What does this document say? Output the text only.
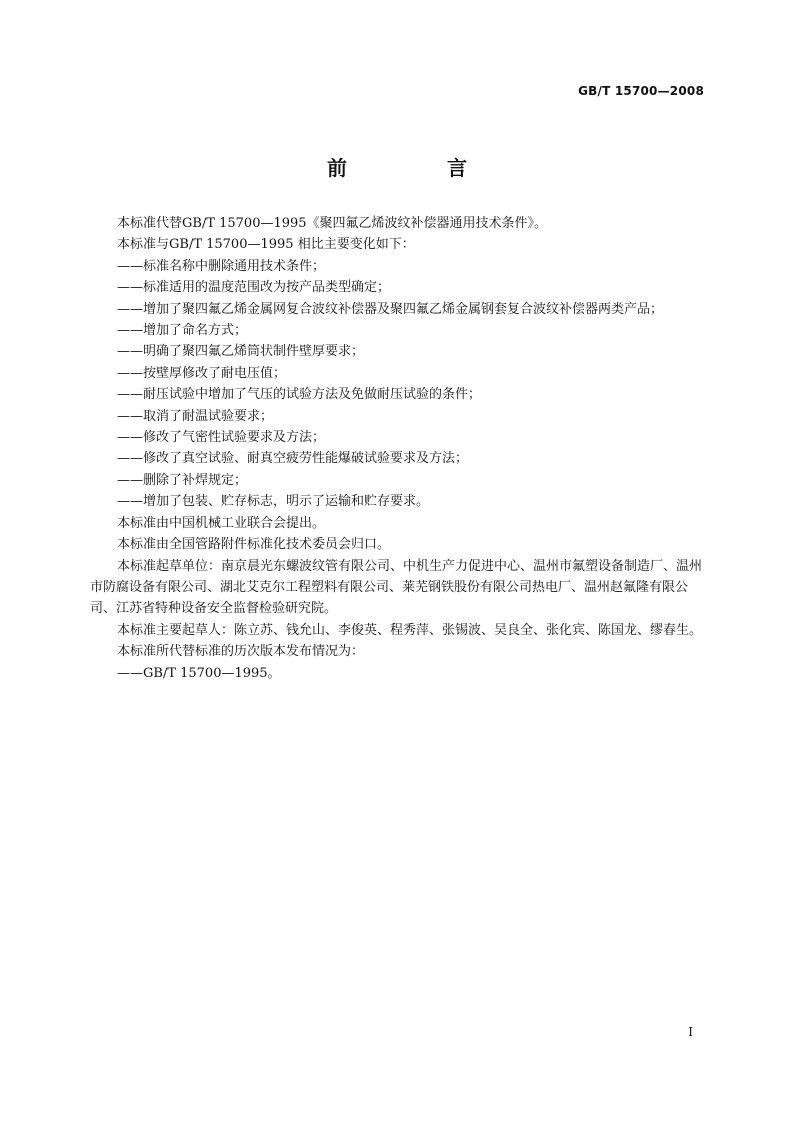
GB/T 15700—2008
前　言

本标准代替GB/T 15700—1995《聚四氟乙烯波纹补偿器通用技术条件》。

本标准与GB/T 15700—1995 相比主要变化如下：

——标准名称中删除通用技术条件；

——标准适用的温度范围改为按产品类型确定；

——增加了聚四氟乙烯金属网复合波纹补偿器及聚四氟乙烯金属钢套复合波纹补偿器两类产品；

——增加了命名方式；

——明确了聚四氟乙烯筒状制件壁厚要求；

——按壁厚修改了耐电压值；

——耐压试验中增加了气压的试验方法及免做耐压试验的条件；

——取消了耐温试验要求；

——修改了气密性试验要求及方法；

——修改了真空试验、耐真空疲劳性能爆破试验要求及方法；

——删除了补焊规定；

——增加了包装、贮存标志，明示了运输和贮存要求。

本标准由中国机械工业联合会提出。

本标准由全国管路附件标准化技术委员会归口。

本标准起草单位：南京晨光东螺波纹管有限公司、中机生产力促进中心、温州市氟塑设备制造厂、温州市防腐设备有限公司、湖北艾克尔工程塑料有限公司、莱芜钢铁股份有限公司热电厂、温州赵氟隆有限公司、江苏省特种设备安全监督检验研究院。

本标准主要起草人：陈立苏、钱允山、李俊英、程秀萍、张锡波、吴良全、张化宾、陈国龙、缪春生。

本标准所代替标准的历次版本发布情况为：

——GB/T 15700—1995。

I
